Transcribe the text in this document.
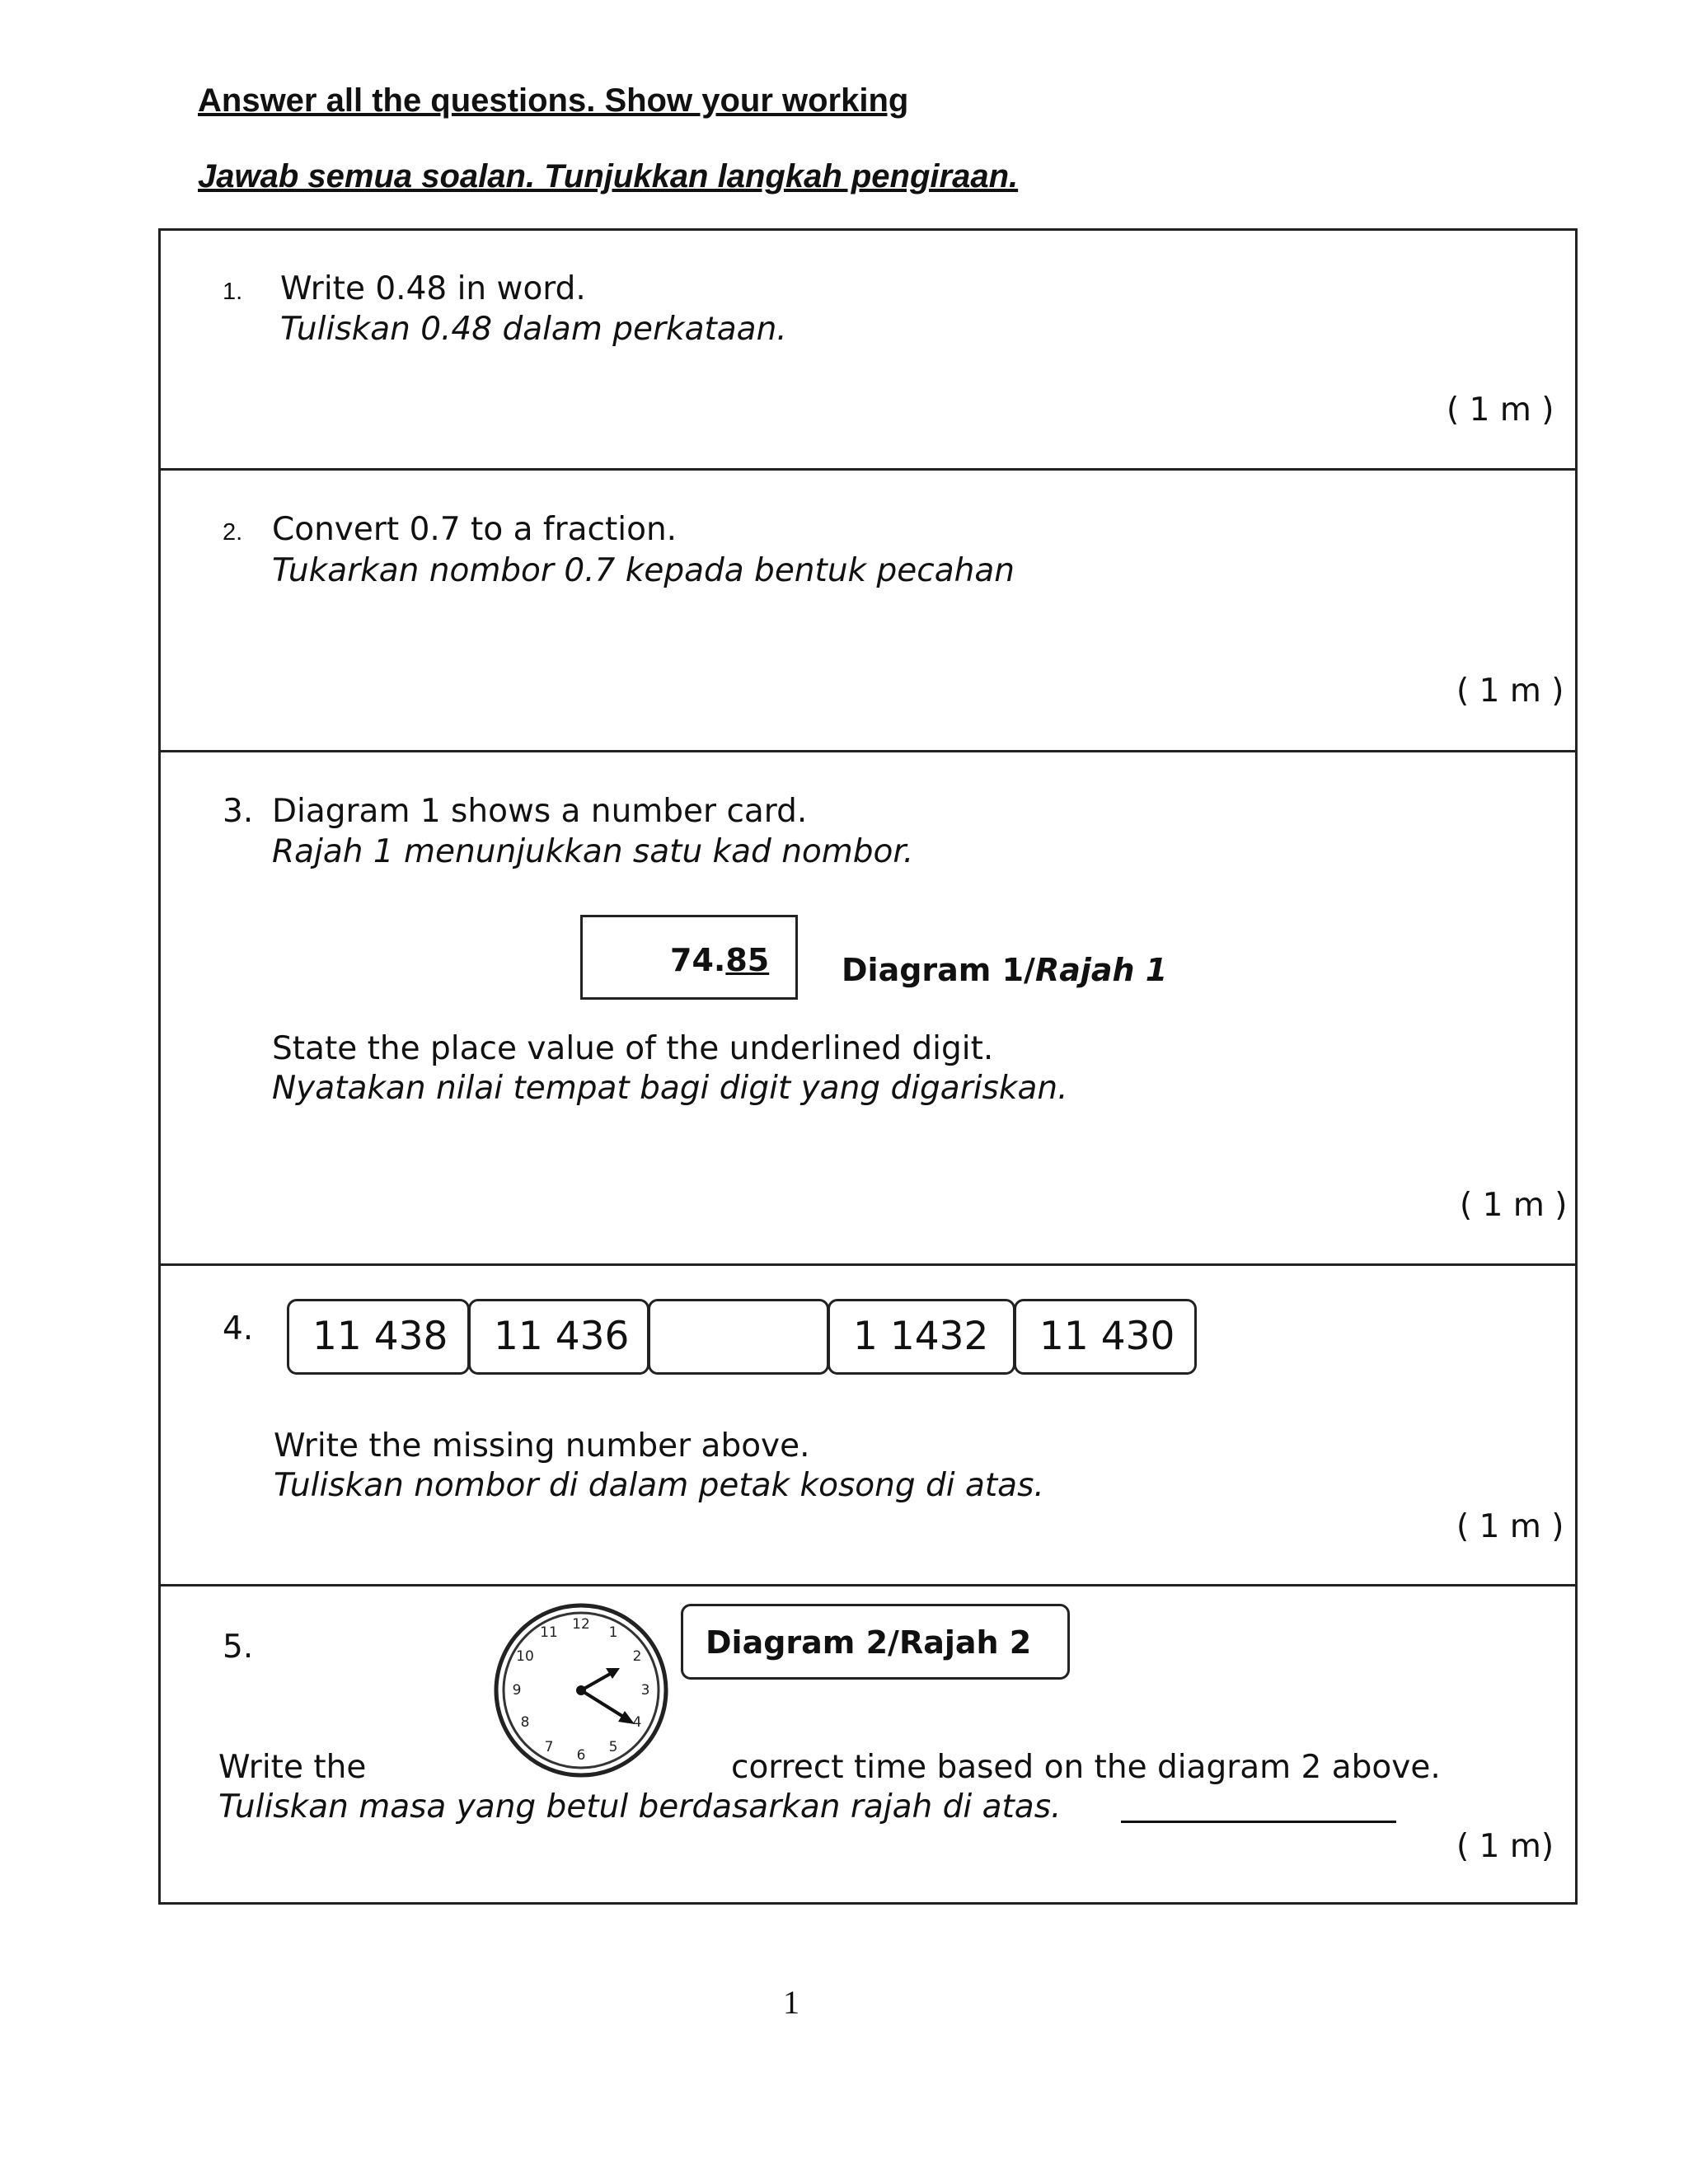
Answer all the questions. Show your working
Jawab semua soalan. Tunjukkan langkah pengiraan.
1. Write 0.48 in word.
Tuliskan 0.48 dalam perkataan.
( 1 m )
2. Convert 0.7 to a fraction.
Tukarkan nombor 0.7 kepada bentuk pecahan
( 1 m )
3. Diagram 1 shows a number card.
Rajah 1 menunjukkan satu kad nombor.
74.85 Diagram 1/Rajah 1
State the place value of the underlined digit.
Nyatakan nilai tempat bagi digit yang digariskan.
( 1 m )
4.	11 438	11 436	1 1432	11 430
Write the missing number above.
Tuliskan nombor di dalam petak kosong di atas.
( 1 m )
5.
12 1
2
3
4
5
6
7
8
9
10
11	Diagram 2/Rajah 2
Write the	correct time based on the diagram 2 above.
Tuliskan masa yang betul berdasarkan rajah di atas.
( 1 m)
1
